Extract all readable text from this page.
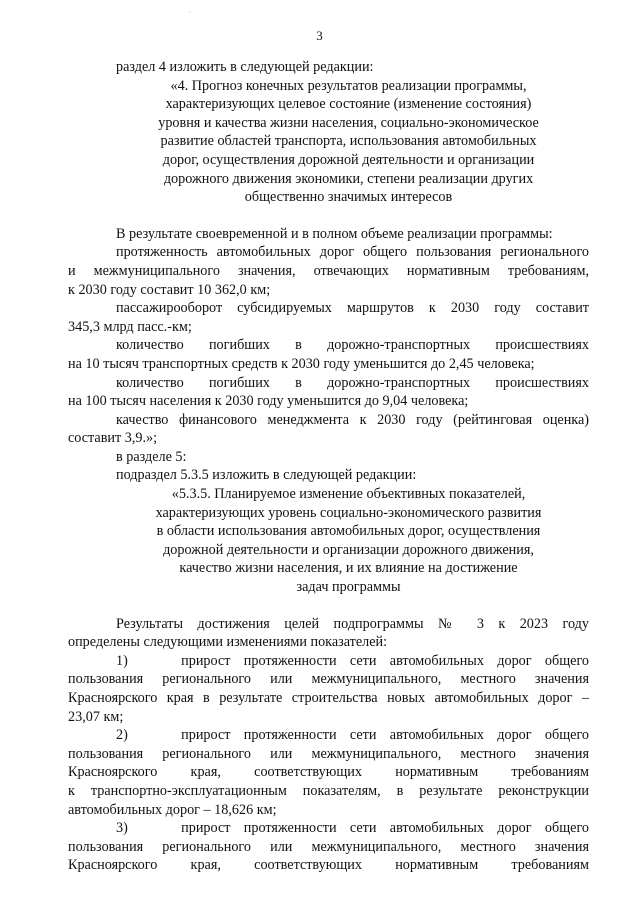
·
3

раздел 4 изложить в следующей редакции:

«4. Прогноз конечных результатов реализации программы,
характеризующих целевое состояние (изменение состояния)
уровня и качества жизни населения, социально-экономическое
развитие областей транспорта, использования автомобильных
дорог, осуществления дорожной деятельности и организации
дорожного движения экономики, степени реализации других
общественно значимых интересов

В результате своевременной и в полном объеме реализации программы:

протяженность автомобильных дорог общего пользования регионального
и межмуниципального значения, отвечающих нормативным требованиям,
к 2030 году составит 10 362,0 км;
пассажирооборот субсидируемых маршрутов к 2030 году составит
345,3 млрд пасс.-км;
количество погибших в дорожно-транспортных происшествиях
на 10 тысяч транспортных средств к 2030 году уменьшится до 2,45 человека;
количество погибших в дорожно-транспортных происшествиях
на 100 тысяч населения к 2030 году уменьшится до 9,04 человека;
качество финансового менеджмента к 2030 году (рейтинговая оценка)
составит 3,9.»;

в разделе 5:

подраздел 5.3.5 изложить в следующей редакции:

«5.3.5. Планируемое изменение объективных показателей,
характеризующих уровень социально-экономического развития
в области использования автомобильных дорог, осуществления
дорожной деятельности и организации дорожного движения,
качество жизни населения, и их влияние на достижение
задач программы
Результаты достижения целей подпрограммы № 3 к 2023 году
определены следующими изменениями показателей:
1)	прирост протяженности сети автомобильных дорог общего
пользования регионального или межмуниципального, местного значения
Красноярского края в результате строительства новых автомобильных дорог –
23,07 км;
2)	прирост протяженности сети автомобильных дорог общего
пользования регионального или межмуниципального, местного значения
Красноярского края, соответствующих нормативным требованиям
к транспортно-эксплуатационным показателям, в результате реконструкции
автомобильных дорог – 18,626 км;
3)	прирост протяженности сети автомобильных дорог общего
пользования регионального или межмуниципального, местного значения
Красноярского края, соответствующих нормативным требованиям
